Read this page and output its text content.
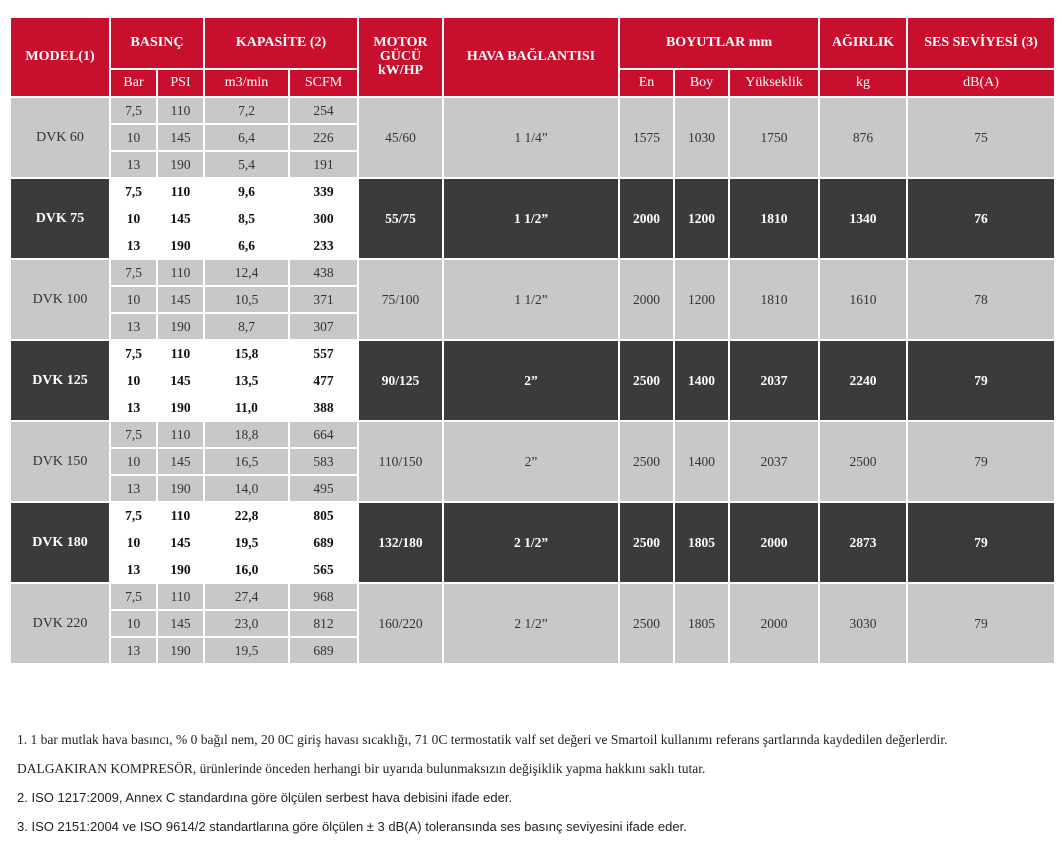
MODEL(1)	BASINÇ		KAPASİTE (2)		MOTOR GÜCÜ kW/HP	HAVA BAĞLANTISI	BOYUTLAR mm			AĞIRLIK	SES SEVİYESİ (3)
	Bar	PSI	m3/min	SCFM			En	Boy	Yükseklik	kg	dB(A)
DVK 60	7,5	110	7,2	254	45/60	1 1/4”	1575	1030	1750	876	75
	10	145	6,4	226							
	13	190	5,4	191							
DVK 75	7,5	110	9,6	339	55/75	1 1/2”	2000	1200	1810	1340	76
	10	145	8,5	300							
	13	190	6,6	233							
DVK 100	7,5	110	12,4	438	75/100	1 1/2”	2000	1200	1810	1610	78
	10	145	10,5	371							
	13	190	8,7	307							
DVK 125	7,5	110	15,8	557	90/125	2”	2500	1400	2037	2240	79
	10	145	13,5	477							
	13	190	11,0	388							
DVK 150	7,5	110	18,8	664	110/150	2”	2500	1400	2037	2500	79
	10	145	16,5	583							
	13	190	14,0	495							
DVK 180	7,5	110	22,8	805	132/180	2 1/2”	2500	1805	2000	2873	79
	10	145	19,5	689							
	13	190	16,0	565							
DVK 220	7,5	110	27,4	968	160/220	2 1/2”	2500	1805	2000	3030	79
	10	145	23,0	812							
	13	190	19,5	689							

1. 1 bar mutlak hava basıncı, % 0 bağıl nem, 20 0C giriş havası sıcaklığı, 71 0C termostatik valf set değeri ve Smartoil kullanımı referans şartlarında kaydedilen değerlerdir.

DALGAKIRAN KOMPRESÖR, ürünlerinde önceden herhangi bir uyarıda bulunmaksızın değişiklik yapma hakkını saklı tutar.

2. ISO 1217:2009, Annex C standardına göre ölçülen serbest hava debisini ifade eder.

3. ISO 2151:2004 ve ISO 9614/2 standartlarına göre ölçülen ± 3 dB(A) toleransında ses basınç seviyesini ifade eder.
